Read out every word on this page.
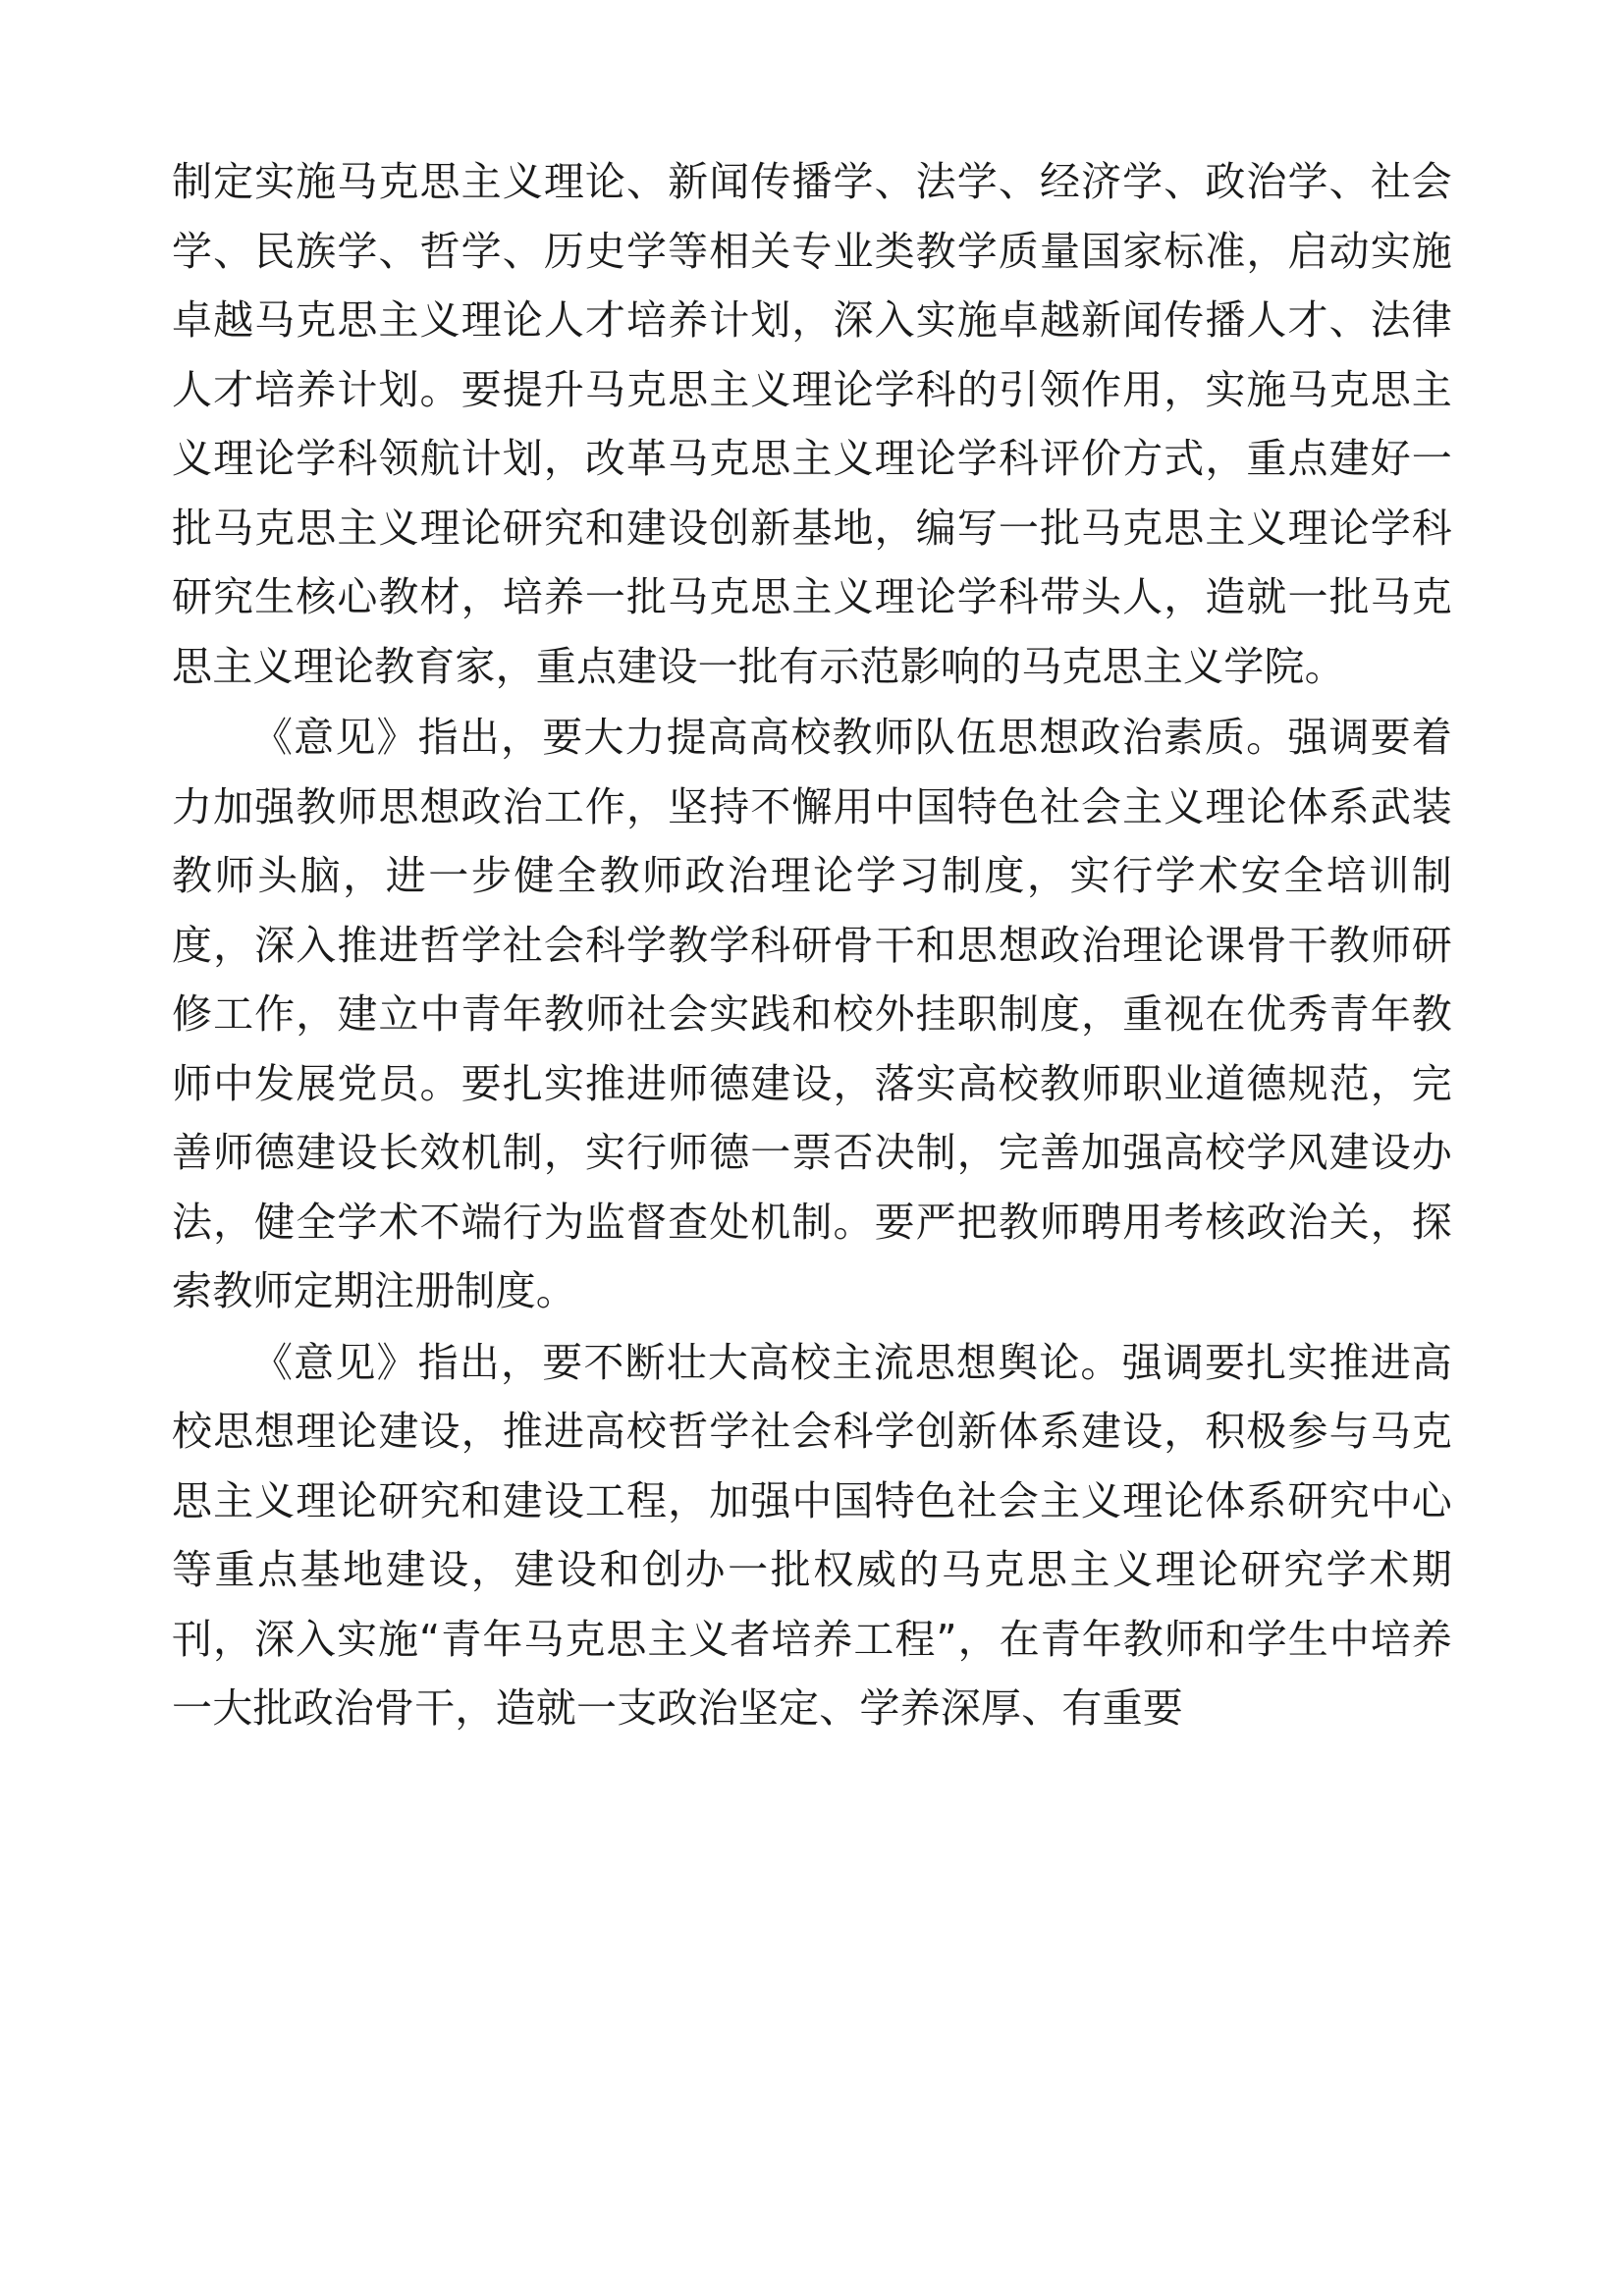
制定实施马克思主义理论、新闻传播学、法学、经济学、政治学、社会学、民族学、哲学、历史学等相关专业类教学质量国家标准，启动实施卓越马克思主义理论人才培养计划，深入实施卓越新闻传播人才、法律人才培养计划。要提升马克思主义理论学科的引领作用，实施马克思主义理论学科领航计划，改革马克思主义理论学科评价方式，重点建好一批马克思主义理论研究和建设创新基地，编写一批马克思主义理论学科研究生核心教材，培养一批马克思主义理论学科带头人，造就一批马克思主义理论教育家，重点建设一批有示范影响的马克思主义学院。

《意见》指出，要大力提高高校教师队伍思想政治素质。强调要着力加强教师思想政治工作，坚持不懈用中国特色社会主义理论体系武装教师头脑，进一步健全教师政治理论学习制度，实行学术安全培训制度，深入推进哲学社会科学教学科研骨干和思想政治理论课骨干教师研修工作，建立中青年教师社会实践和校外挂职制度，重视在优秀青年教师中发展党员。要扎实推进师德建设，落实高校教师职业道德规范，完善师德建设长效机制，实行师德一票否决制，完善加强高校学风建设办法，健全学术不端行为监督查处机制。要严把教师聘用考核政治关，探索教师定期注册制度。

《意见》指出，要不断壮大高校主流思想舆论。强调要扎实推进高校思想理论建设，推进高校哲学社会科学创新体系建设，积极参与马克思主义理论研究和建设工程，加强中国特色社会主义理论体系研究中心等重点基地建设，建设和创办一批权威的马克思主义理论研究学术期刊，深入实施“青年马克思主义者培养工程”，在青年教师和学生中培养一大批政治骨干，造就一支政治坚定、学养深厚、有重要
